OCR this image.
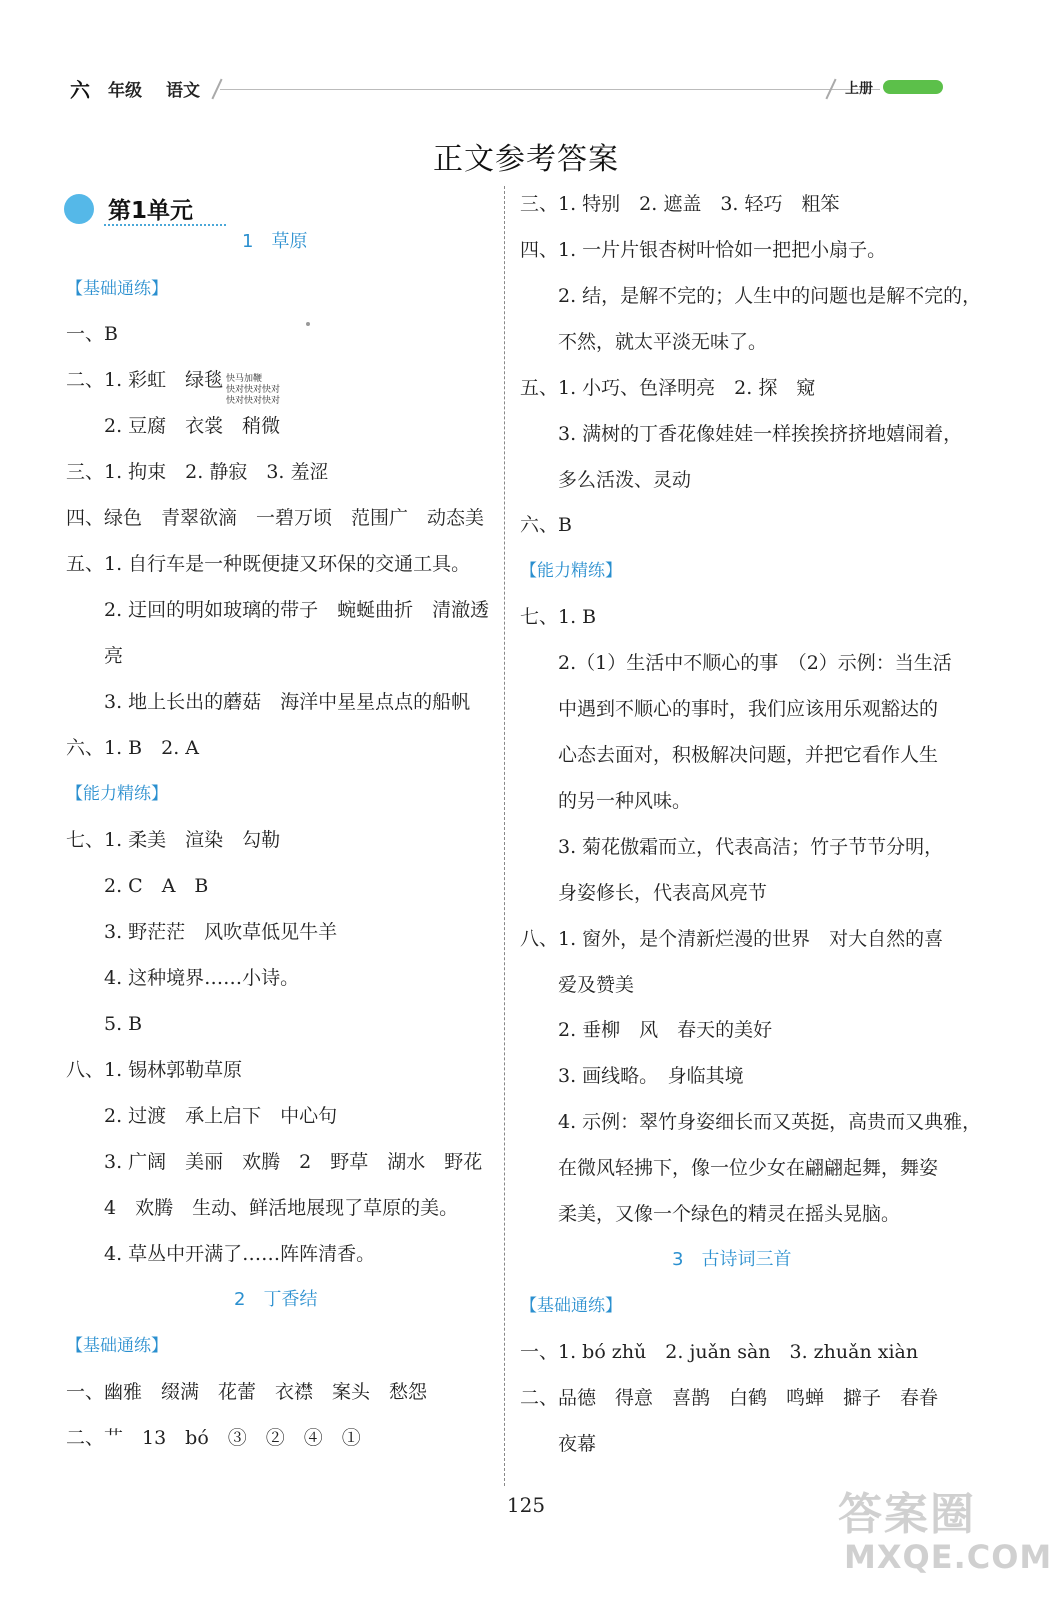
六	年级 语文	上册
正文参考答案
第1单元
1　草原
【基础通练】
一、B
二、1. 彩虹　绿毯
2. 豆腐　衣裳　稍微
三、1. 拘束　2. 静寂　3. 羞涩
四、绿色　青翠欲滴　一碧万顷　范围广　动态美
五、1. 自行车是一种既便捷又环保的交通工具。
2. 迂回的明如玻璃的带子　蜿蜒曲折　清澈透
亮
3. 地上长出的蘑菇　海洋中星星点点的船帆
六、1. B　2. A
【能力精练】
七、1. 柔美　渲染　勾勒
2. C　A　B
3. 野茫茫　风吹草低见牛羊
4. 这种境界……小诗。
5. B
八、1. 锡林郭勒草原
2. 过渡　承上启下　中心句
3. 广阔　美丽　欢腾　2　野草　湖水　野花
4　欢腾　生动、鲜活地展现了草原的美。
4. 草丛中开满了……阵阵清香。
2　丁香结
【基础通练】
一、幽雅　缀满　花蕾　衣襟　案头　愁怨
二、艹　13　bó　③　②　④　①
快马加鞭
快对快对快对
快对快对快对
三、1. 特别　2. 遮盖　3. 轻巧　粗笨
四、1. 一片片银杏树叶恰如一把把小扇子。
2. 结，是解不完的；人生中的问题也是解不完的，
不然，就太平淡无味了。
五、1. 小巧、色泽明亮　2. 探　窥
3. 满树的丁香花像娃娃一样挨挨挤挤地嬉闹着，
多么活泼、灵动
六、B
【能力精练】
七、1. B
2.（1）生活中不顺心的事　（2）示例：当生活
中遇到不顺心的事时，我们应该用乐观豁达的
心态去面对，积极解决问题，并把它看作人生
的另一种风味。
3. 菊花傲霜而立，代表高洁；竹子节节分明，
身姿修长，代表高风亮节
八、1. 窗外，是个清新烂漫的世界　对大自然的喜
爱及赞美
2. 垂柳　风　春天的美好
3. 画线略。　身临其境
4. 示例：翠竹身姿细长而又英挺，高贵而又典雅，
在微风轻拂下，像一位少女在翩翩起舞，舞姿
柔美，又像一个绿色的精灵在摇头晃脑。
3　古诗词三首
【基础通练】
一、1. bó zhǔ　2. juǎn sàn　3. zhuǎn xiàn
二、品德　得意　喜鹊　白鹤　鸣蝉　擗子　春眷
夜幕
125	答案圈
MXQE.COM
